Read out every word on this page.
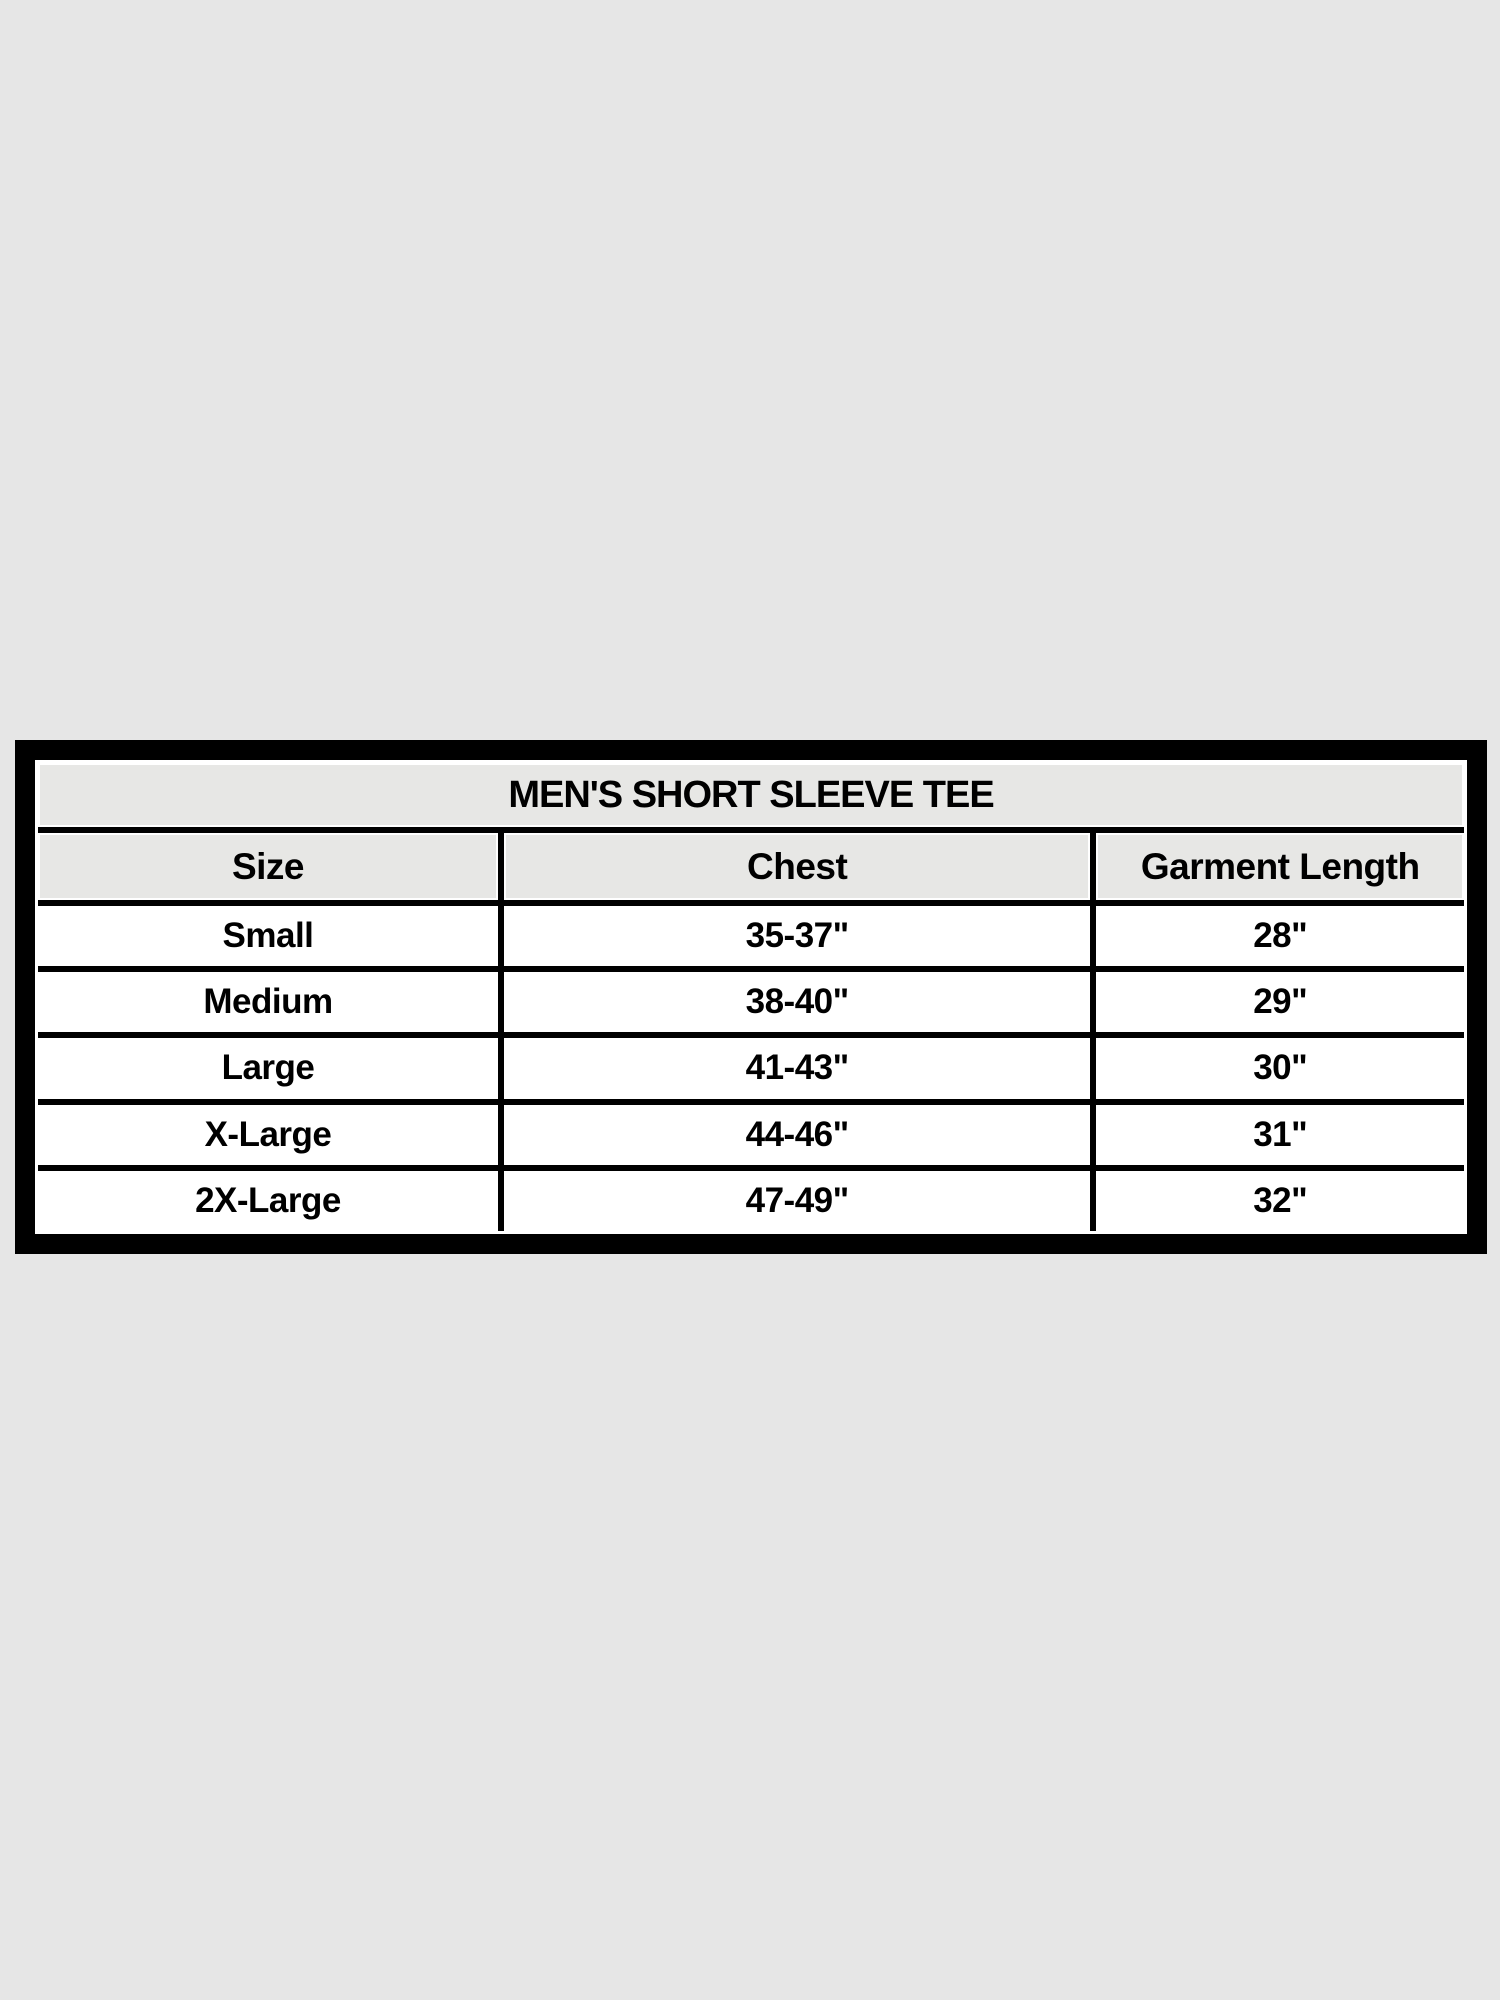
MEN'S SHORT SLEEVE TEE
Size	Chest	Garment Length
Small	35-37"	28"
Medium	38-40"	29"
Large	41-43"	30"
X-Large	44-46"	31"
2X-Large	47-49"	32"
